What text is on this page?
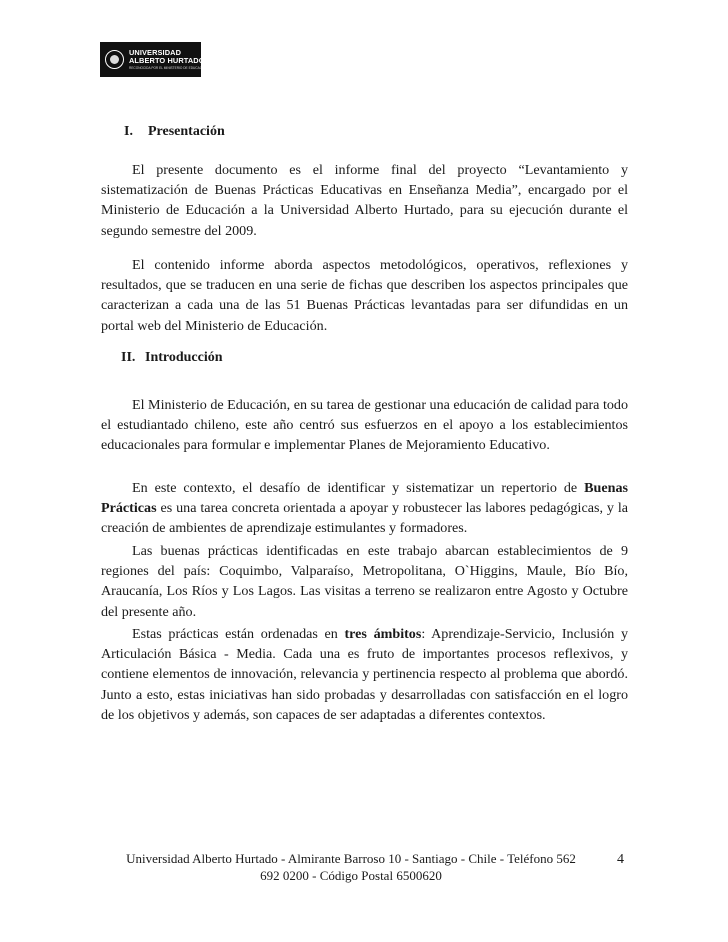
UNIVERSIDAD
ALBERTO HURTADO
RECONOCIDA POR EL MINISTERIO DE EDUCACIÓN
I. Presentación

El presente documento es el informe final del proyecto “Levantamiento y sistematización de Buenas Prácticas Educativas en Enseñanza Media”, encargado por el Ministerio de Educación a la Universidad Alberto Hurtado, para su ejecución durante el segundo semestre del 2009.

El contenido informe aborda aspectos metodológicos, operativos, reflexiones y resultados, que se traducen en una serie de fichas que describen los aspectos principales que caracterizan a cada una de las 51 Buenas Prácticas levantadas para ser difundidas en un portal web del Ministerio de Educación.

II. Introducción

El Ministerio de Educación, en su tarea de gestionar una educación de calidad para todo el estudiantado chileno, este año centró sus esfuerzos en el apoyo a los establecimientos educacionales para formular e implementar Planes de Mejoramiento Educativo.

En este contexto, el desafío de identificar y sistematizar un repertorio de Buenas Prácticas es una tarea concreta orientada a apoyar y robustecer las labores pedagógicas, y la creación de ambientes de aprendizaje estimulantes y formadores.

Las buenas prácticas identificadas en este trabajo abarcan establecimientos de 9 regiones del país: Coquimbo, Valparaíso, Metropolitana, O`Higgins, Maule, Bío Bío, Araucanía, Los Ríos y Los Lagos. Las visitas a terreno se realizaron entre Agosto y Octubre del presente año.

Estas prácticas están ordenadas en tres ámbitos: Aprendizaje-Servicio, Inclusión y Articulación Básica - Media. Cada una es fruto de importantes procesos reflexivos, y contiene elementos de innovación, relevancia y pertinencia respecto al problema que abordó. Junto a esto, estas iniciativas han sido probadas y desarrolladas con satisfacción en el logro de los objetivos y además, son capaces de ser adaptadas a diferentes contextos.

Universidad Alberto Hurtado - Almirante Barroso 10 - Santiago - Chile - Teléfono 562
692 0200 - Código Postal 6500620
4
